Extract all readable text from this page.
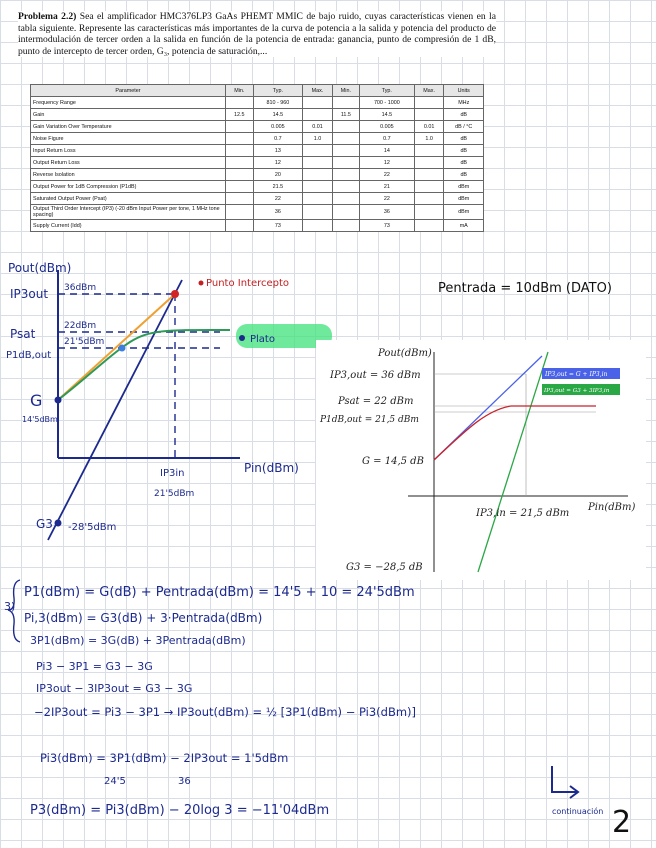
Problema 2.2) Sea el amplificador HMC376LP3 GaAs PHEMT MMIC de bajo ruido, cuyas características vienen en la tabla siguiente. Represente las características más importantes de la curva de potencia a la salida y potencia del producto de intermodulación de tercer orden a la salida en función de la potencia de entrada: ganancia, punto de compresión de 1 dB, punto de intercepto de tercer orden, G₃, potencia de saturación,...
Parameter	Min.	Typ.	Max.	Min.	Typ.	Max.	Units
Frequency Range		810 - 960			700 - 1000		MHz
Gain	12.5	14.5		11.5	14.5		dB
Gain Variation Over Temperature		0.005	0.01		0.005	0.01	dB / °C
Noise Figure		0.7	1.0		0.7	1.0	dB
Input Return Loss		13			14		dB
Output Return Loss		12			12		dB
Reverse Isolation		20			22		dB
Output Power for 1dB Compression (P1dB)		21.5			21		dBm
Saturated Output Power (Psat)		22			22		dBm
Output Third Order Intercept (IP3) (-20 dBm Input Power per tone, 1 MHz tone spacing)		36			36		dBm
Supply Current (Idd)		73			73		mA
Pout(dBm)
IP3out 36dBm
Psat
22dBm
P1dB,out
21'5dBm
G
14'5dBm
G3 -28'5dBm
IP3in
21'5dBm
Pin(dBm)
Punto Intercepto
Plato
Pentrada = 10dBm (DATO)
IP3,out = G + IP3,in
IP3,out = G3 + 3IP3,in
Pout(dBm)
IP3,out = 36 dBm
Psat = 22 dBm
P1dB,out = 21,5 dBm
G = 14,5 dB
IP3,in = 21,5 dBm
Pin(dBm)
G3 = −28,5 dB
3)
P1(dBm) = G(dB) + Pentrada(dBm) = 14'5 + 10 = 24'5dBm
Pi,3(dBm) = G3(dB) + 3·Pentrada(dBm)
3P1(dBm) = 3G(dB) + 3Pentrada(dBm)
Pi3 − 3P1 = G3 − 3G
IP3out − 3IP3out = G3 − 3G
−2IP3out = Pi3 − 3P1 → IP3out(dBm) = ½ [3P1(dBm) − Pi3(dBm)]
Pi3(dBm) = 3P1(dBm) − 2IP3out = 1'5dBm
24'5	36
P3(dBm) = Pi3(dBm) − 20log 3 = −11'04dBm	continuación 2
